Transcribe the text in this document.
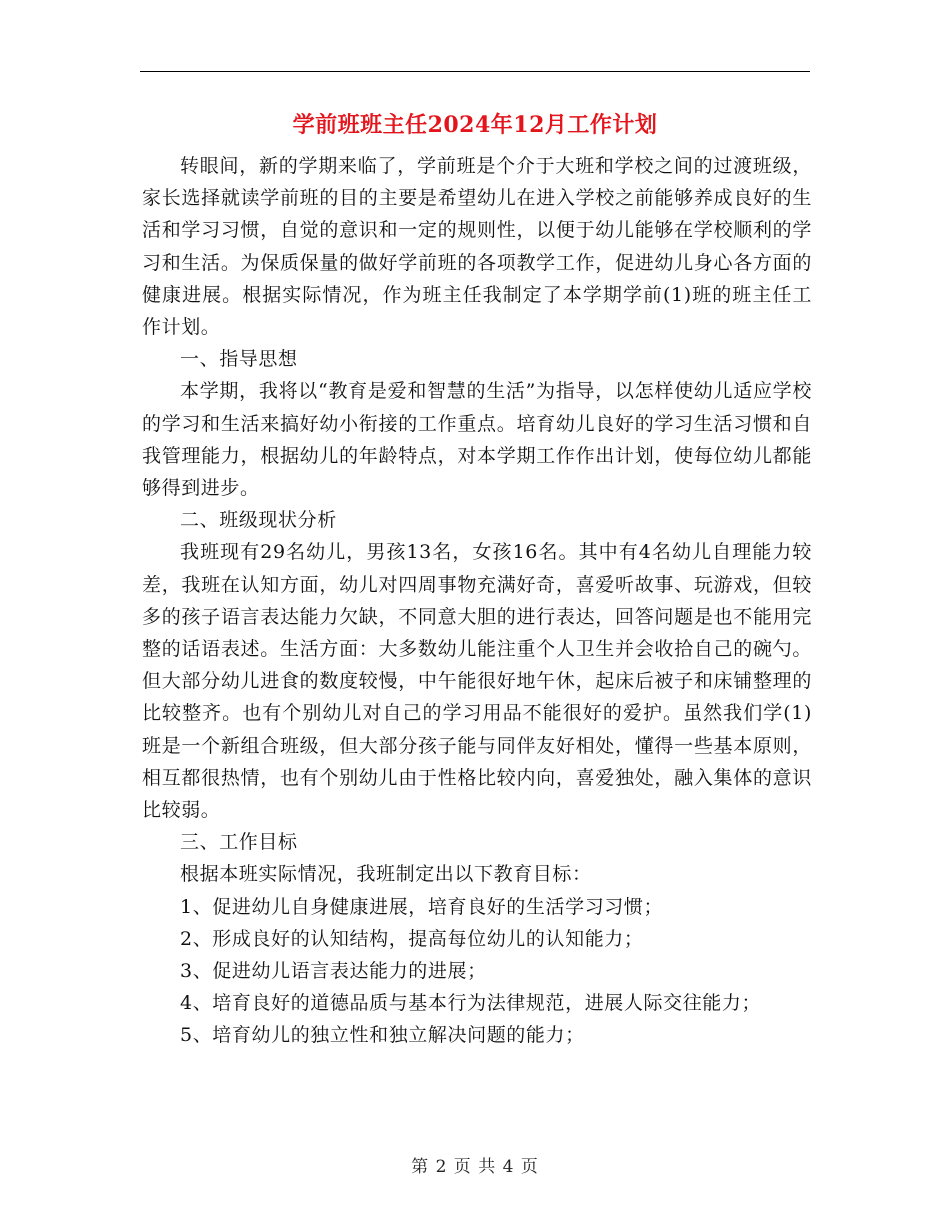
学前班班主任2024年12月工作计划

转眼间，新的学期来临了，学前班是个介于大班和学校之间的过渡班级，家长选择就读学前班的目的主要是希望幼儿在进入学校之前能够养成良好的生活和学习习惯，自觉的意识和一定的规则性，以便于幼儿能够在学校顺利的学习和生活。为保质保量的做好学前班的各项教学工作，促进幼儿身心各方面的健康进展。根据实际情况，作为班主任我制定了本学期学前(1)班的班主任工作计划。

一、指导思想

本学期，我将以“教育是爱和智慧的生活”为指导，以怎样使幼儿适应学校的学习和生活来搞好幼小衔接的工作重点。培育幼儿良好的学习生活习惯和自我管理能力，根据幼儿的年龄特点，对本学期工作作出计划，使每位幼儿都能够得到进步。

二、班级现状分析

我班现有29名幼儿，男孩13名，女孩16名。其中有4名幼儿自理能力较差，我班在认知方面，幼儿对四周事物充满好奇，喜爱听故事、玩游戏，但较多的孩子语言表达能力欠缺，不同意大胆的进行表达，回答问题是也不能用完整的话语表述。生活方面：大多数幼儿能注重个人卫生并会收拾自己的碗勺。但大部分幼儿进食的数度较慢，中午能很好地午休，起床后被子和床铺整理的比较整齐。也有个别幼儿对自己的学习用品不能很好的爱护。虽然我们学(1)班是一个新组合班级，但大部分孩子能与同伴友好相处，懂得一些基本原则，相互都很热情，也有个别幼儿由于性格比较内向，喜爱独处，融入集体的意识比较弱。

三、工作目标

根据本班实际情况，我班制定出以下教育目标：

1、促进幼儿自身健康进展，培育良好的生活学习习惯；

2、形成良好的认知结构，提高每位幼儿的认知能力；

3、促进幼儿语言表达能力的进展；

4、培育良好的道德品质与基本行为法律规范，进展人际交往能力；

5、培育幼儿的独立性和独立解决问题的能力；

第 2 页 共 4 页
